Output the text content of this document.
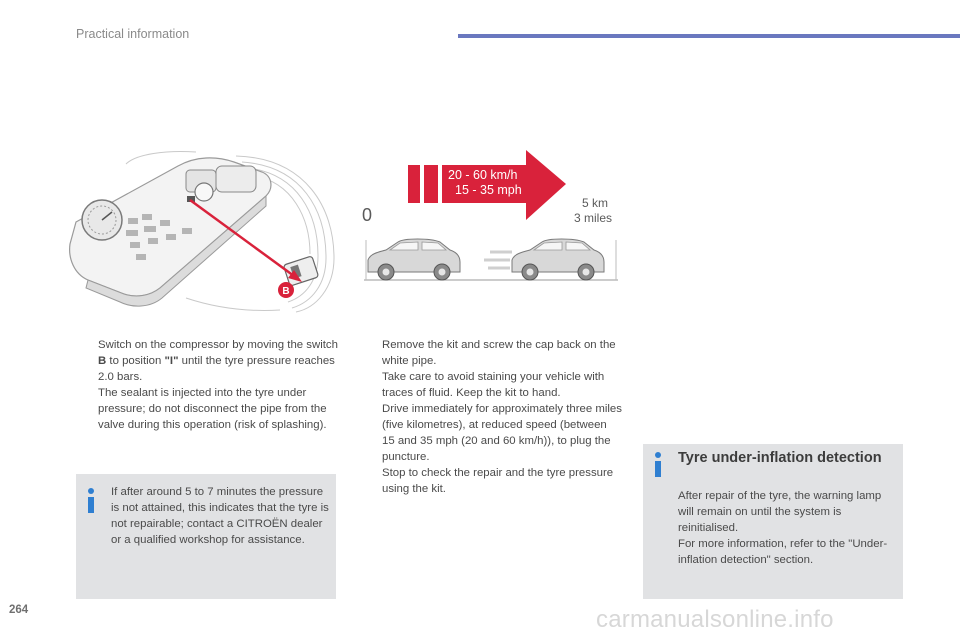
Practical information
B
20 - 60 km/h
15 - 35 mph
0
5 km
3 miles
Switch on the compressor by moving the switch B to position "I" until the tyre pressure reaches 2.0 bars.
The sealant is injected into the tyre under pressure; do not disconnect the pipe from the valve during this operation (risk of splashing).
If after around 5 to 7 minutes the pressure is not attained, this indicates that the tyre is not repairable; contact a CITROËN dealer or a qualified workshop for assistance.
Remove the kit and screw the cap back on the white pipe.
Take care to avoid staining your vehicle with traces of fluid. Keep the kit to hand.
Drive immediately for approximately three miles (five kilometres), at reduced speed (between 15 and 35 mph (20 and 60 km/h)), to plug the puncture.
Stop to check the repair and the tyre pressure using the kit.
Tyre under-inflation detection
After repair of the tyre, the warning lamp will remain on until the system is reinitialised.
For more information, refer to the "Under-inflation detection" section.
264	carmanualsonline.info
